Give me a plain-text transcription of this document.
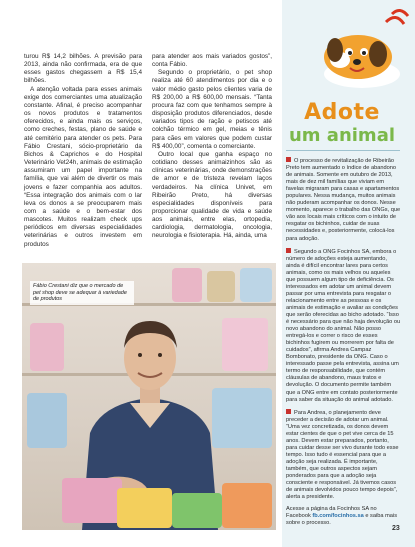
turou R$ 14,2 bilhões. A previsão para 2013, ainda não confirmada, era de que esses gastos chegassem a R$ 15,4 bilhões.

A atenção voltada para esses animais exige dos comerciantes uma atualização constante. Afinal, é preciso acompanhar os novos produtos e tratamentos oferecidos, e ainda mais os serviços, como creches, festas, plano de saúde e até cemitério para atender os pets. Para Fábio Crestani, sócio-proprietário da Bichos & Caprichos e do Hospital Veterinário Vet24h, animais de estimação assumiram um papel importante na família, que vai além de divertir os mais jovens e fazer companhia aos adultos. “Essa integração dos animais com o lar leva os donos a se preocuparem mais com a saúde e o bem-estar dos mascotes. Muitos realizam check ups periódicos em diversas especialidades veterinárias e outros investem em produtos

para atender aos mais variados gostos”, conta Fábio.

Segundo o proprietário, o pet shop realiza até 60 atendimentos por dia e o valor médio gasto pelos clientes varia de R$ 200,00 a R$ 600,00 mensais. “Tanta procura faz com que tenhamos sempre à disposição produtos diferenciados, desde variados tipos de ração e petiscos até colchão térmico em gel, meias e tênis para cães em valores que podem custar R$ 400,00”, comenta o comerciante.

Outro local que ganha espaço no cotidiano desses animaizinhos são as clínicas veterinárias, onde demonstrações de amor e de tristeza revelam laços verdadeiros. Na clínica Univet, em Ribeirão Preto, há diversas especialidades disponíveis para proporcionar qualidade de vida e saúde aos animais, entre elas, ortopedia, cardiologia, dermatologia, oncologia, neurologia e fisioterapia. Há, ainda, uma

Fábio Crestani diz que o mercado de pet shop deve se adequar à variedade de produtos
Adote
um animal

O processo de revitalização de Ribeirão Preto tem aumentado o índice de abandono de animais. Somente em outubro de 2013, mais de dez mil famílias que viviam em favelas migraram para casas e apartamentos populares. Nessa mudança, muitos animais não puderam acompanhar os donos. Nesse momento, aparece o trabalho das ONGs, que vão aos locais mais críticos com o intuito de resgatar os bichinhos, cuidar de suas necessidades e, posteriormente, colocá-los para adoção.

Segundo a ONG Focinhos SA, embora o número de adoções esteja aumentando, ainda é difícil encontrar lares para certos animais, como os mais velhos ou aqueles que possuem algum tipo de deficiência. Os interessados em adotar um animal devem passar por uma entrevista para resgatar o relacionamento entre as pessoas e os animais de estimação e avaliar as condições que serão oferecidas ao bicho adotado. “Isso é necessário para que não haja devolução ou novo abandono do animal. Não posso entregá-los e correr o risco de esses bichinhos fugirem ou morrerem por falta de cuidados”, afirma Andrea Campaz Bombonato, presidente da ONG. Caso o interessado passe pela entrevista, assina um termo de responsabilidade, que contém cláusulas de abandono, maus tratos e devolução. O documento permite também que a ONG entre em contato posteriormente para saber da situação do animal adotado.

Para Andrea, o planejamento deve preceder a decisão de adotar um animal. “Uma vez concretizada, os donos devem estar cientes de que o pet vive cerca de 15 anos. Devem estar preparados, portanto, para cuidar desse ser vivo durante todo esse tempo. Isso tudo é essencial para que a adoção seja realizada. É importante, também, que outros aspectos sejam ponderados para que a adoção seja consciente e responsável. Já tivemos casos de animais devolvidos pouco tempo depois”, alerta a presidente.

Acesse a página da Focinhos SA no Facebook fb.com/focinhos.sa e saiba mais sobre o processo.

23
